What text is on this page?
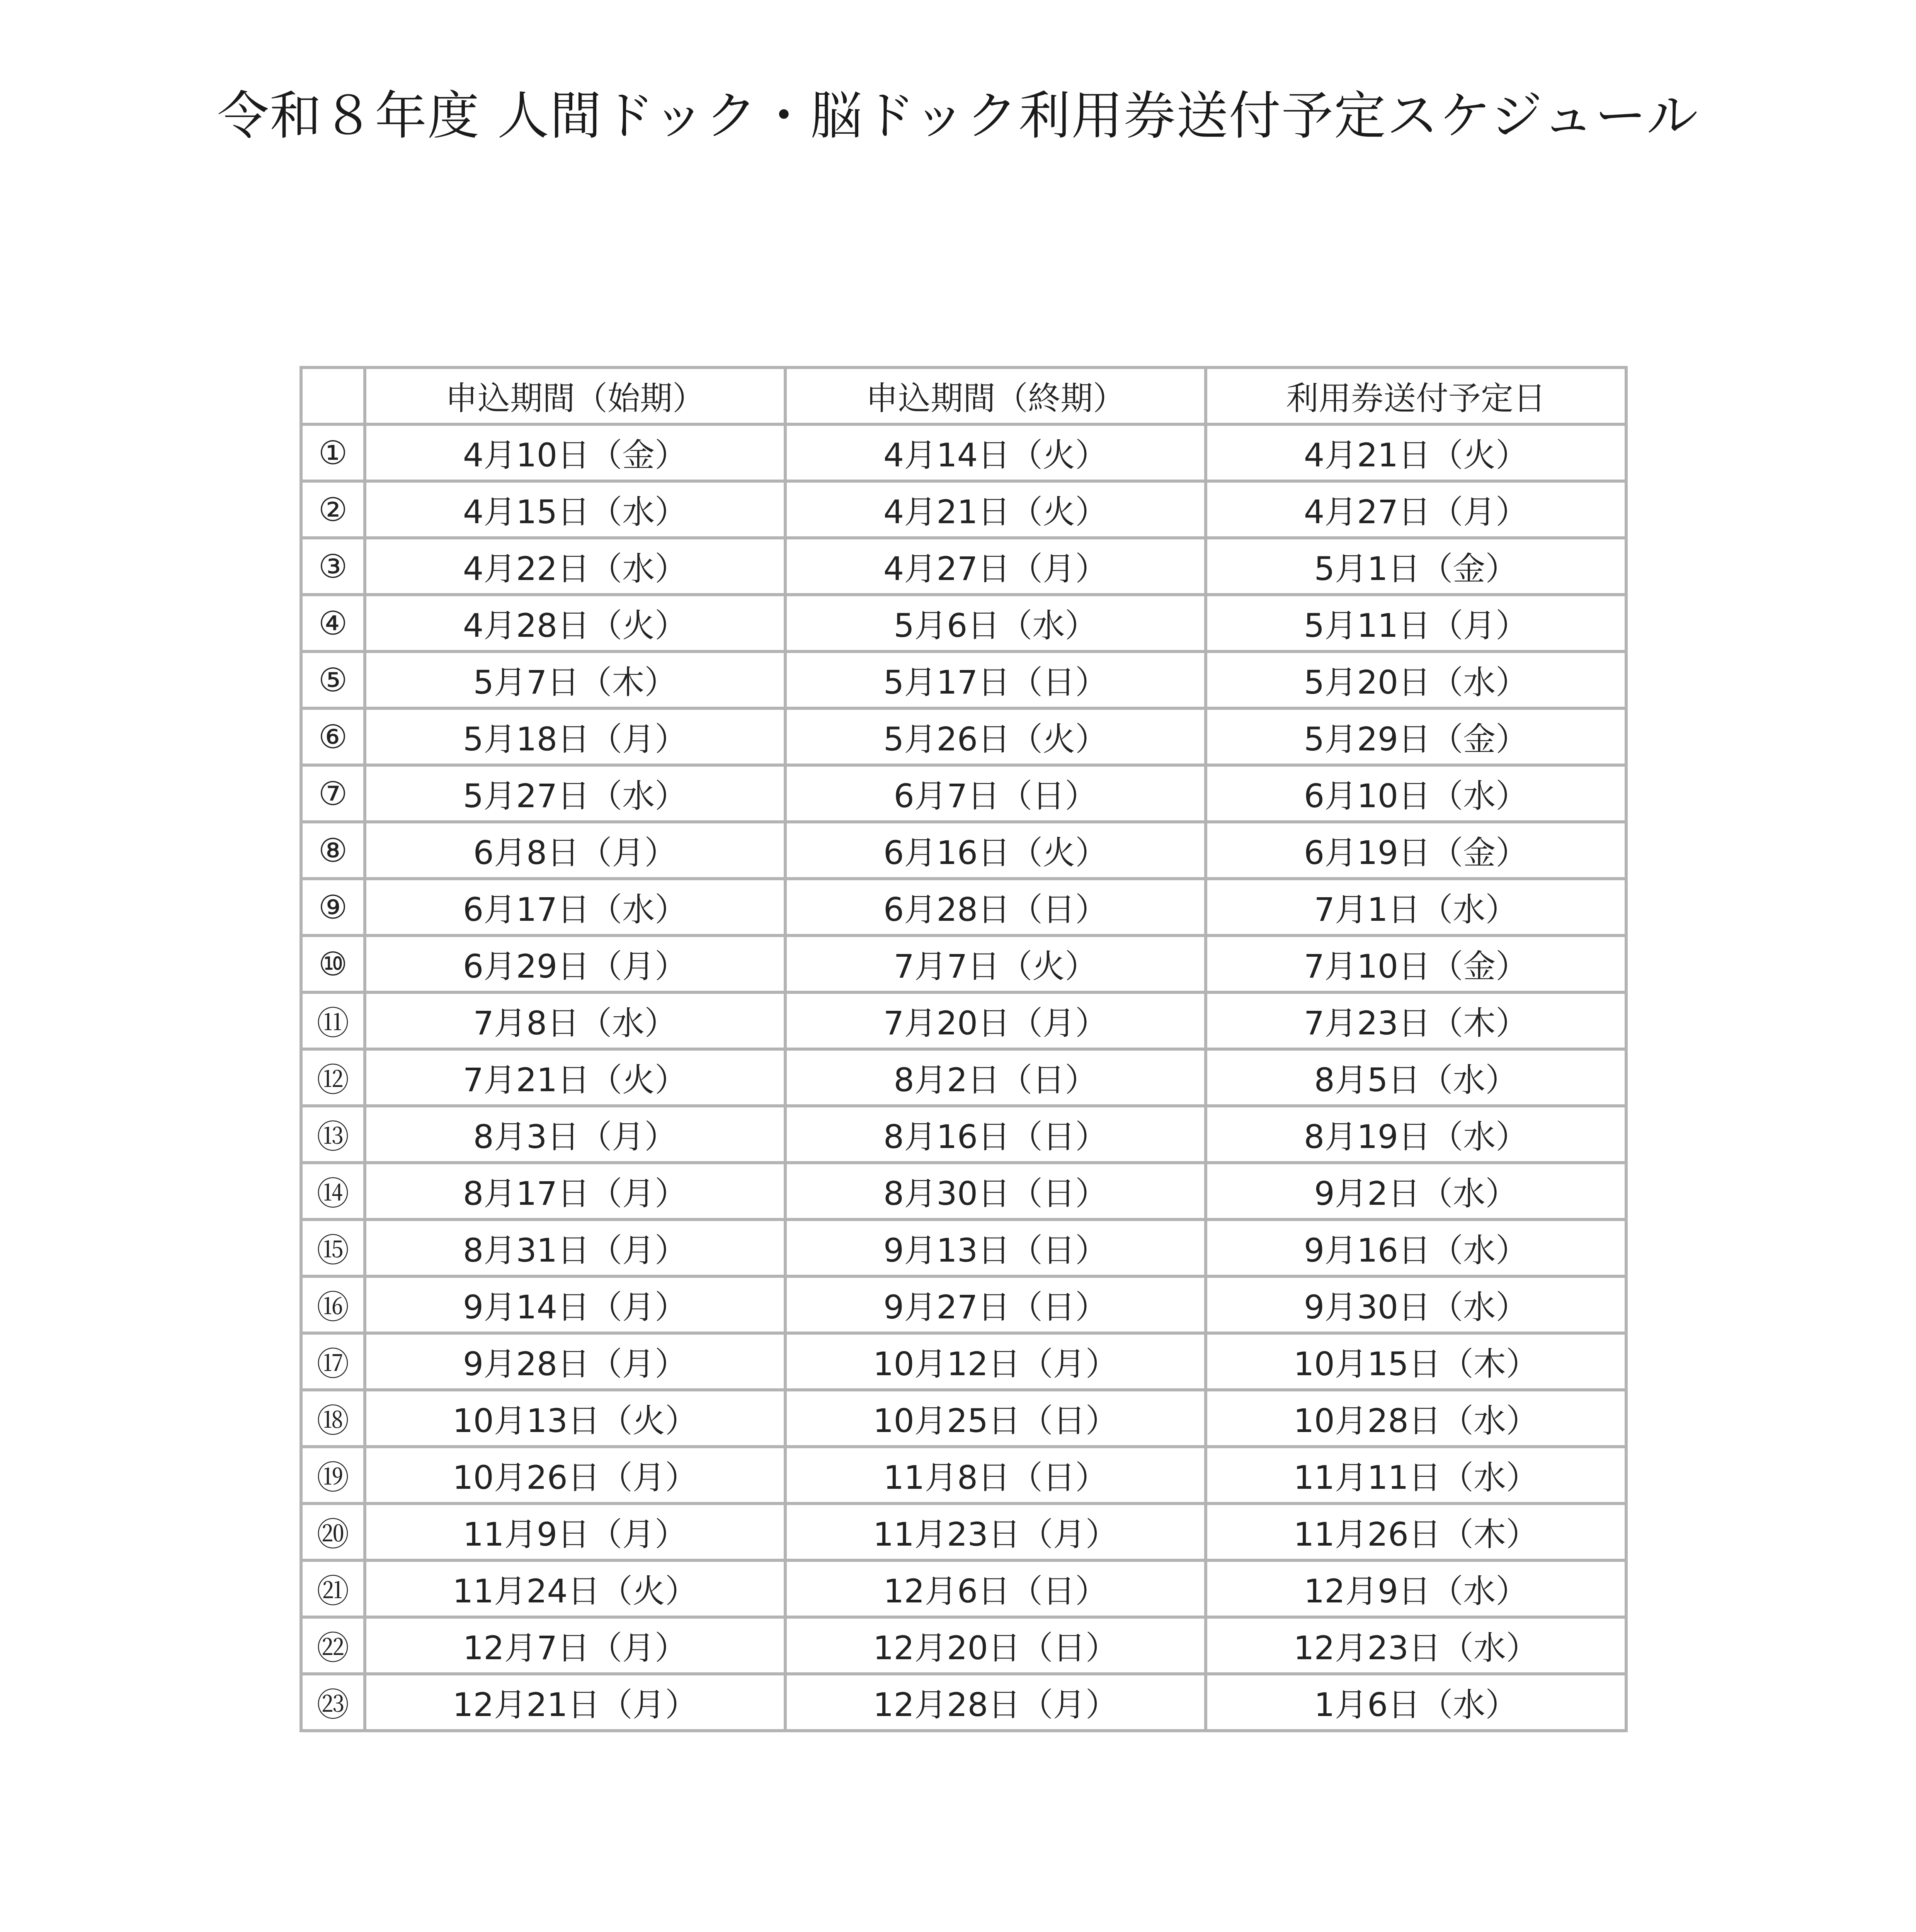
令和８年度 人間ドック・脳ドック利用券送付予定スケジュール
	申込期間（始期）	申込期間（終期）	利用券送付予定日
①	4月10日（金）	4月14日（火）	4月21日（火）
②	4月15日（水）	4月21日（火）	4月27日（月）
③	4月22日（水）	4月27日（月）	5月1日（金）
④	4月28日（火）	5月6日（水）	5月11日（月）
⑤	5月7日（木）	5月17日（日）	5月20日（水）
⑥	5月18日（月）	5月26日（火）	5月29日（金）
⑦	5月27日（水）	6月7日（日）	6月10日（水）
⑧	6月8日（月）	6月16日（火）	6月19日（金）
⑨	6月17日（水）	6月28日（日）	7月1日（水）
⑩	6月29日（月）	7月7日（火）	7月10日（金）
⑪	7月8日（水）	7月20日（月）	7月23日（木）
⑫	7月21日（火）	8月2日（日）	8月5日（水）
⑬	8月3日（月）	8月16日（日）	8月19日（水）
⑭	8月17日（月）	8月30日（日）	9月2日（水）
⑮	8月31日（月）	9月13日（日）	9月16日（水）
⑯	9月14日（月）	9月27日（日）	9月30日（水）
⑰	9月28日（月）	10月12日（月）	10月15日（木）
⑱	10月13日（火）	10月25日（日）	10月28日（水）
⑲	10月26日（月）	11月8日（日）	11月11日（水）
⑳	11月9日（月）	11月23日（月）	11月26日（木）
㉑	11月24日（火）	12月6日（日）	12月9日（水）
㉒	12月7日（月）	12月20日（日）	12月23日（水）
㉓	12月21日（月）	12月28日（月）	1月6日（水）
